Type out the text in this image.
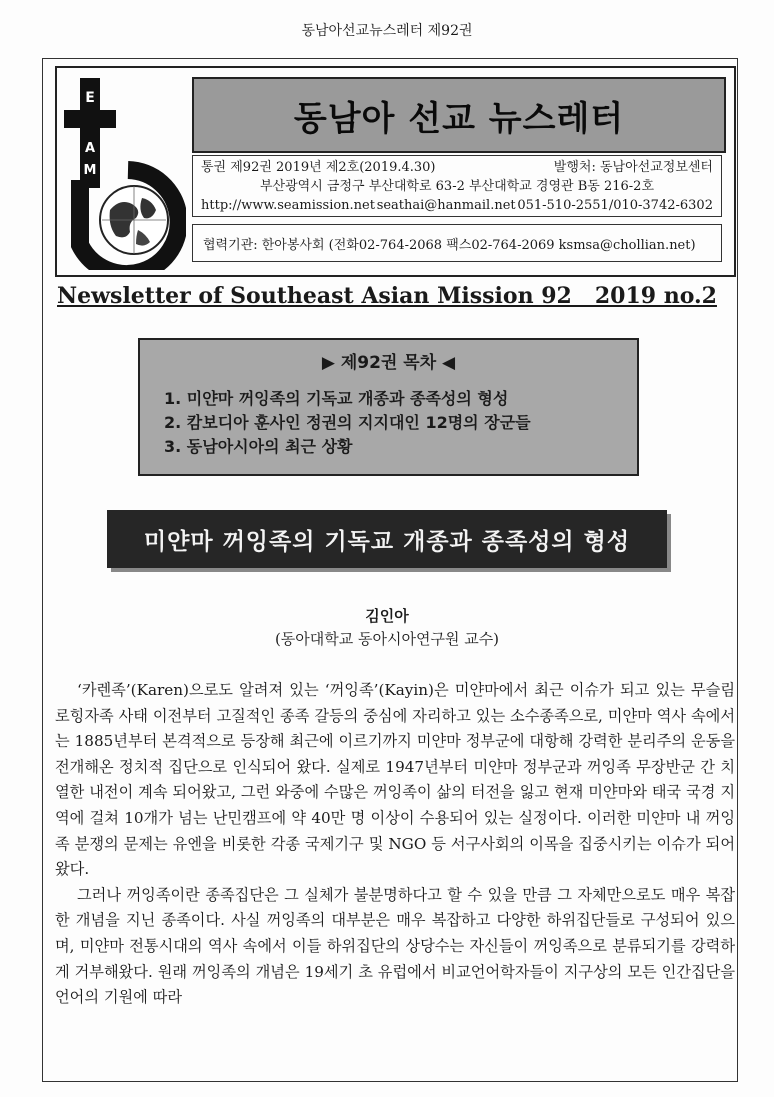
동남아선교뉴스레터 제92권
E
A
M
동남아 선교 뉴스레터
통권 제92권 2019년 제2호(2019.4.30)	발행처: 동남아선교정보센터
부산광역시 금정구 부산대학로 63-2 부산대학교 경영관 B동 216-2호
http://www.seamission.net seathai@hanmail.net 051-510-2551/010-3742-6302
협력기관: 한아봉사회 (전화02-764-2068 팩스02-764-2069 ksmsa@chollian.net)
Newsletter of Southeast Asian Mission 92   2019 no.2
▶ 제92권 목차 ◀
1. 미얀마 꺼잉족의 기독교 개종과 종족성의 형성
2. 캄보디아 훈사인 정권의 지지대인 12명의 장군들
3. 동남아시아의 최근 상황
미얀마 꺼잉족의 기독교 개종과 종족성의 형성
김인아
(동아대학교 동아시아연구원 교수)

‘카렌족’(Karen)으로도 알려져 있는 ‘꺼잉족’(Kayin)은 미얀마에서 최근 이슈가 되고 있는 무슬림 로힝자족 사태 이전부터 고질적인 종족 갈등의 중심에 자리하고 있는 소수종족으로, 미얀마 역사 속에서는 1885년부터 본격적으로 등장해 최근에 이르기까지 미얀마 정부군에 대항해 강력한 분리주의 운동을 전개해온 정치적 집단으로 인식되어 왔다. 실제로 1947년부터 미얀마 정부군과 꺼잉족 무장반군 간 치열한 내전이 계속 되어왔고, 그런 와중에 수많은 꺼잉족이 삶의 터전을 잃고 현재 미얀마와 태국 국경 지역에 걸쳐 10개가 넘는 난민캠프에 약 40만 명 이상이 수용되어 있는 실정이다. 이러한 미얀마 내 꺼잉족 분쟁의 문제는 유엔을 비롯한 각종 국제기구 및 NGO 등 서구사회의 이목을 집중시키는 이슈가 되어왔다.

그러나 꺼잉족이란 종족집단은 그 실체가 불분명하다고 할 수 있을 만큼 그 자체만으로도 매우 복잡한 개념을 지닌 종족이다. 사실 꺼잉족의 대부분은 매우 복잡하고 다양한 하위집단들로 구성되어 있으며, 미얀마 전통시대의 역사 속에서 이들 하위집단의 상당수는 자신들이 꺼잉족으로 분류되기를 강력하게 거부해왔다. 원래 꺼잉족의 개념은 19세기 초 유럽에서 비교언어학자들이 지구상의 모든 인간집단을 언어의 기원에 따라
